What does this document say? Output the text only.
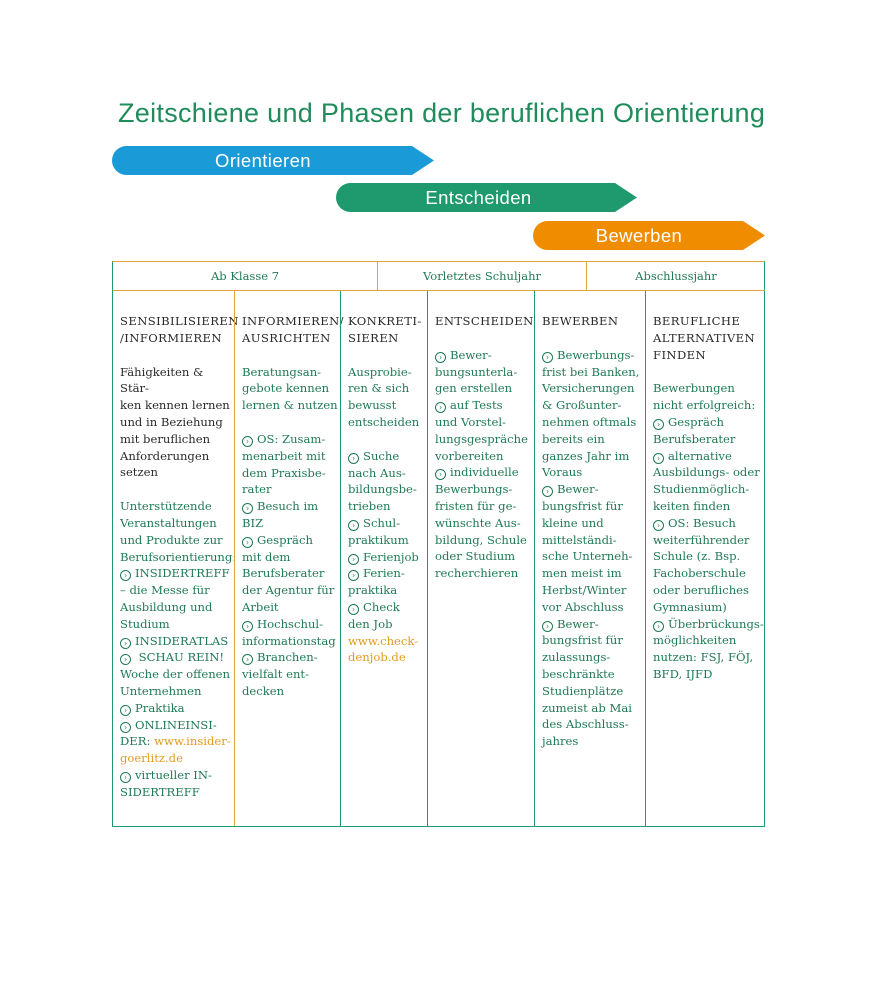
Zeitschiene und Phasen der beruflichen Orientierung
Orientieren
Entscheiden
Bewerben
Ab Klasse 7	Vorletztes Schuljahr	Abschlussjahr
SENSIBILISIEREN
/INFORMIEREN
Fähigkeiten & Stär-
ken kennen lernen
und in Beziehung
mit beruflichen
Anforderungen
setzen
Unterstützende
Veranstaltungen
und Produkte zur
Berufsorientierung:
› INSIDERTREFF
– die Messe für
Ausbildung und
Studium
› INSIDERATLAS
› SCHAU REIN!
Woche der offenen
Unternehmen
› Praktika
› ONLINEINSI-
DER: www.insider-
goerlitz.de
› virtueller IN-
SIDERTREFF
INFORMIEREN/
AUSRICHTEN
Beratungsan-
gebote kennen
lernen & nutzen
› OS: Zusam-
menarbeit mit
dem Praxisbe-
rater
› Besuch im
BIZ
› Gespräch
mit dem
Berufsberater
der Agentur für
Arbeit
› Hochschul-
informationstag
› Branchen-
vielfalt ent-
decken
KONKRETI-
SIEREN
Ausprobie-
ren & sich
bewusst
entscheiden
› Suche
nach Aus-
bildungsbe-
trieben
› Schul-
praktikum
› Ferienjob
› Ferien-
praktika
› Check
den Job
www.check-
denjob.de
ENTSCHEIDEN
› Bewer-
bungsunterla-
gen erstellen
› auf Tests
und Vorstel-
lungsgespräche
vorbereiten
› individuelle
Bewerbungs-
fristen für ge-
wünschte Aus-
bildung, Schule
oder Studium
recherchieren
BEWERBEN
› Bewerbungs-
frist bei Banken,
Versicherungen
& Großunter-
nehmen oftmals
bereits ein
ganzes Jahr im
Voraus
› Bewer-
bungsfrist für
kleine und
mittelständi-
sche Unterneh-
men meist im
Herbst/Winter
vor Abschluss
› Bewer-
bungsfrist für
zulassungs-
beschränkte
Studienplätze
zumeist ab Mai
des Abschluss-
jahres
BERUFLICHE
ALTERNATIVEN
FINDEN
Bewerbungen
nicht erfolgreich:
› Gespräch
Berufsberater
› alternative
Ausbildungs- oder
Studienmöglich-
keiten finden
› OS: Besuch
weiterführender
Schule (z. Bsp.
Fachoberschule
oder berufliches
Gymnasium)
› Überbrückungs-
möglichkeiten
nutzen: FSJ, FÖJ,
BFD, IJFD
